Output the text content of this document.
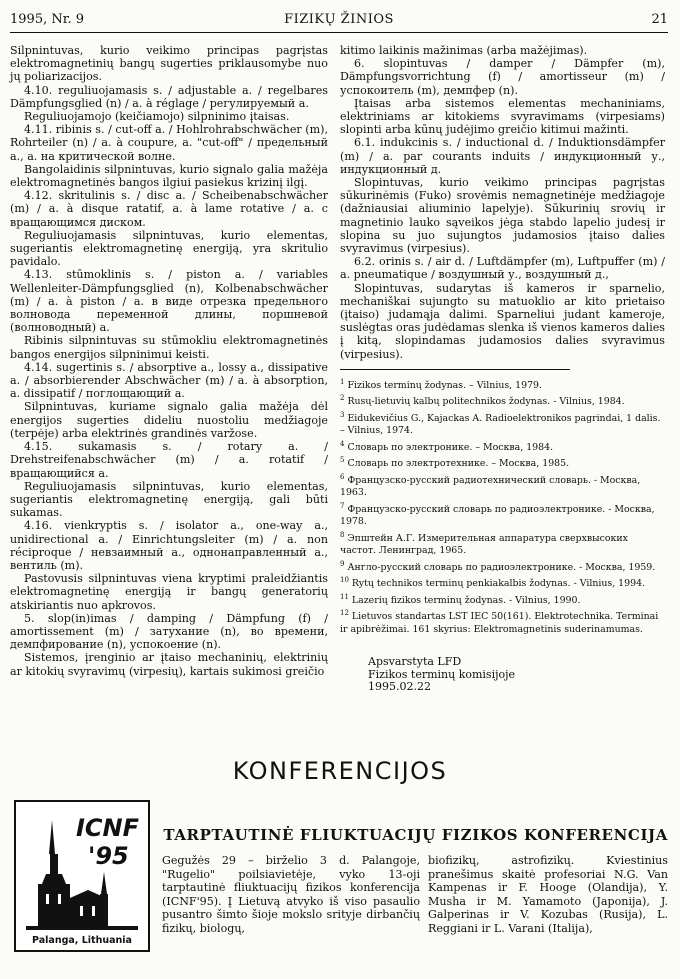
1995, Nr. 9	FIZIKŲ ŽINIOS	21

Silpnintuvas, kurio veikimo principas pagrįstas elektromagnetinių bangų sugerties priklausomybe nuo jų poliarizacijos.

4.10. reguliuojamasis s. / adjustable a. / regelbares Dämpfungsglied (n) / a. à réglage / регулируемый а.

Reguliuojamojo (keičiamojo) silpninimo įtaisas.

4.11. ribinis s. / cut-off a. / Hohlrohrabschwächer (m), Rohrteiler (n) / a. à coupure, a. "cut-off" / предельный а., а. на критической волне.

Bangolaidinis silpnintuvas, kurio signalo galia mažėja elektromagnetinės bangos ilgiui pasiekus krizinį ilgį.

4.12. skritulinis s. / disc a. / Scheibenabschwächer (m) / a. à disque ratatif, a. à lame rotative / а. с вращающимся диском.

Reguliuojamasis silpnintuvas, kurio elementas, sugeriantis elektromagnetinę energiją, yra skritulio pavidalo.

4.13. stūmoklinis s. / piston a. / variables Wellenleiter-Dämpfungsglied (n), Kolbenabschwächer (m) / a. à piston / а. в виде отрезка предельного волновода переменной длины, поршневой (волноводный) а.

Ribinis silpnintuvas su stūmokliu elektromagnetinės bangos energijos silpninimui keisti.

4.14. sugertinis s. / absorptive a., lossy a., dissipative a. / absorbierender Abschwächer (m) / a. à absorption, a. dissipatif / поглощающий а.

Silpnintuvas, kuriame signalo galia mažėja dėl energijos sugerties dideliu nuostoliu medžiagoje (terpėje) arba elektrinės grandinės varžose.

4.15. sukamasis s. / rotary a. / Drehstreifenabschwächer (m) / a. rotatif / вращающийся а.

Reguliuojamasis silpnintuvas, kurio elementas, sugeriantis elektromagnetinę energiją, gali būti sukamas.

4.16. vienkryptis s. / isolator a., one-way a., unidirectional a. / Einrichtungsleiter (m) / a. non réciproque / невзаимный а., однонаправленный а., вентиль (m).

Pastovusis silpnintuvas viena kryptimi praleidžiantis elektromagnetinę energiją ir bangų generatorių atskiriantis nuo apkrovos.

5. slop(in)imas / damping / Dämpfung (f) / amortissement (m) / затухание (n), во времени, демпфирование (n), успокоение (n).

Sistemos, įrenginio ar įtaiso mechaninių, elektrinių ar kitokių svyravimų (virpesių), kartais sukimosi greičio

kitimo laikinis mažinimas (arba mažėjimas).

6. slopintuvas / damper / Dämpfer (m), Dämpfungsvorrichtung (f) / amortisseur (m) / успокоитель (m), демпфер (n).

Įtaisas arba sistemos elementas mechaniniams, elektriniams ar kitokiems svyravimams (virpesiams) slopinti arba kūnų judėjimo greičio kitimui mažinti.

6.1. indukcinis s. / inductional d. / Induktionsdämpfer (m) / a. par courants induits / индукционный у., индукционный д.

Slopintuvas, kurio veikimo principas pagrįstas sūkurinėmis (Fuko) srovėmis nemagnetinėje medžiagoje (dažniausiai aliuminio lapelyje). Sūkurinių srovių ir magnetinio lauko sąveikos jėga stabdo lapelio judesį ir slopina su juo sujungtos judamosios įtaiso dalies svyravimus (virpesius).

6.2. orinis s. / air d. / Luftdämpfer (m), Luftpuffer (m) / a. pneumatique / воздушный у., воздушный д.,

Slopintuvas, sudarytas iš kameros ir sparnelio, mechaniškai sujungto su matuoklio ar kito prietaiso (įtaiso) judamąja dalimi. Sparneliui judant kameroje, suslėgtas oras judėdamas slenka iš vienos kameros dalies į kitą, slopindamas judamosios dalies svyravimus (virpesius).

$^1$ Fizikos terminų žodynas. – Vilnius, 1979.

$^2$ Rusų-lietuvių kalbų politechnikos žodynas. - Vilnius, 1984.

$^3$ Eidukevičius G., Kajackas A. Radioelektronikos pagrindai, 1 dalis. – Vilnius, 1974.

$^4$ Словарь по электронике. – Москва, 1984.

$^5$ Словарь по электротехнике. – Москва, 1985.

$^6$ Французско-русский радиотехнический словарь. - Москва, 1963.

$^7$ Французско-русский словарь по радиоэлектронике. - Москва, 1978.

$^8$ Эпштейн А.Г. Измерительная аппаратура сверхвысоких частот. Ленинград, 1965.

$^9$ Англо-русский словарь по радиоэлектронике. - Москва, 1959.

$^{10}$ Rytų technikos terminų penkiakalbis žodynas. - Vilnius, 1994.

$^{11}$ Lazerių fizikos terminų žodynas. - Vilnius, 1990.

$^{12}$ Lietuvos standartas LST IEC 50(161). Elektrotechnika. Terminai ir apibrėžimai. 161 skyrius: Elektromagnetinis suderinamumas.

Apsvarstyta LFD
Fizikos terminų komisijoje
1995.02.22
KONFERENCIJOS
ICNF
'95
Palanga, Lithuania
TARPTAUTINĖ FLIUKTUACIJŲ FIZIKOS KONFERENCIJA

Gegužės 29 – birželio 3 d. Palangoje, "Rugelio" poilsiavietėje, vyko 13-oji tarptautinė fliuktuacijų fizikos konferencija (ICNF'95). Į Lietuvą atvyko iš viso pasaulio pusantro šimto šioje mokslo srityje dirbančių fizikų, biologų,

biofizikų, astrofizikų. Kviestinius pranešimus skaitė profesoriai N.G. Van Kampenas ir F. Hooge (Olandija), Y. Musha ir M. Yamamoto (Japonija), J. Galperinas ir V. Kozubas (Rusija), L. Reggiani ir L. Varani (Italija),
